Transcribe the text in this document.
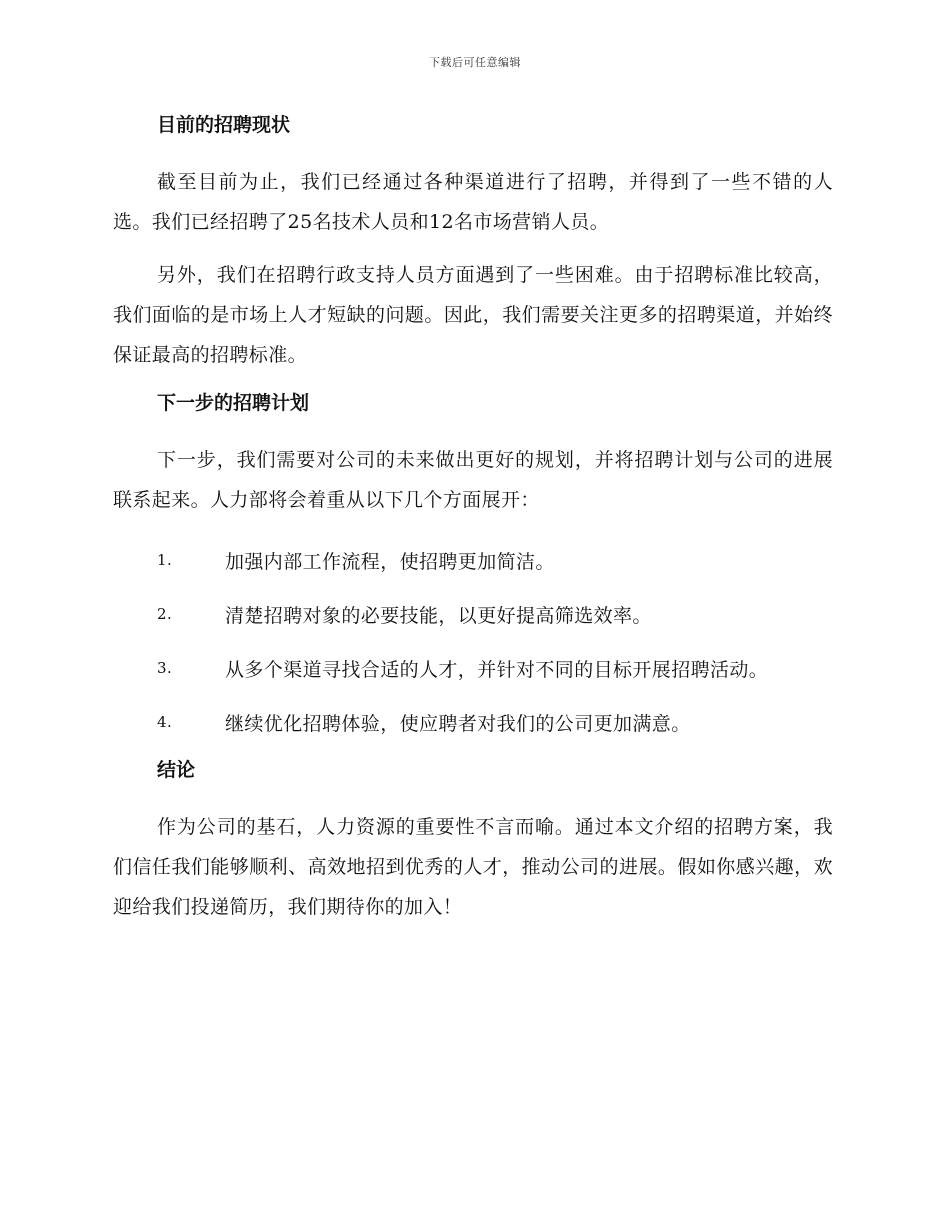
下载后可任意编辑
目前的招聘现状

截至目前为止，我们已经通过各种渠道进行了招聘，并得到了一些不错的人选。我们已经招聘了25名技术人员和12名市场营销人员。

另外，我们在招聘行政支持人员方面遇到了一些困难。由于招聘标准比较高，我们面临的是市场上人才短缺的问题。因此，我们需要关注更多的招聘渠道，并始终保证最高的招聘标准。

下一步的招聘计划

下一步，我们需要对公司的未来做出更好的规划，并将招聘计划与公司的进展联系起来。人力部将会着重从以下几个方面展开：

1.	加强内部工作流程，使招聘更加简洁。
2.	清楚招聘对象的必要技能，以更好提高筛选效率。
3.	从多个渠道寻找合适的人才，并针对不同的目标开展招聘活动。
4.	继续优化招聘体验，使应聘者对我们的公司更加满意。
结论

作为公司的基石，人力资源的重要性不言而喻。通过本文介绍的招聘方案，我们信任我们能够顺利、高效地招到优秀的人才，推动公司的进展。假如你感兴趣，欢迎给我们投递简历，我们期待你的加入！
